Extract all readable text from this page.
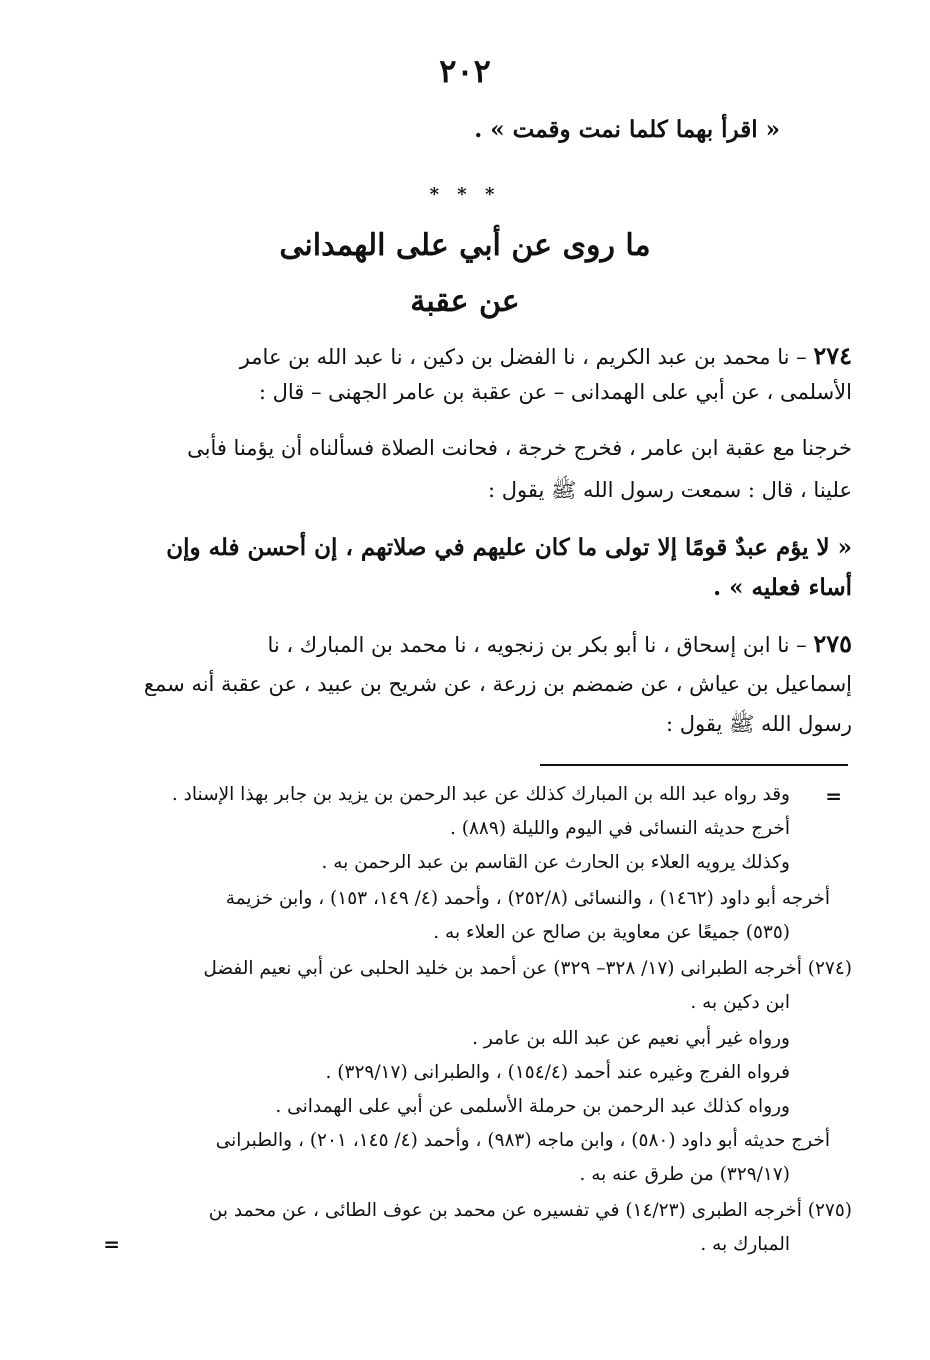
٢٠٢
« اقرأ بهما كلما نمت وقمت » .
* * *
ما روى عن أبي على الهمدانى
عن عقبة
٢٧٤ – نا محمد بن عبد الكريم ، نا الفضل بن دكين ، نا عبد الله بن عامر
الأسلمى ، عن أبي على الهمدانى – عن عقبة بن عامر الجهنى – قال :
خرجنا مع عقبة ابن عامر ، فخرج خرجة ، فحانت الصلاة فسألناه أن يؤمنا فأبى
علينا ، قال : سمعت رسول الله ﷺ يقول :
« لا يؤم عبدٌ قومًا إلا تولى ما كان عليهم في صلاتهم ، إن أحسن فله وإن
أساء فعليه » .
٢٧٥ – نا ابن إسحاق ، نا أبو بكر بن زنجويه ، نا محمد بن المبارك ، نا
إسماعيل بن عياش ، عن ضمضم بن زرعة ، عن شريح بن عبيد ، عن عقبة أنه سمع
رسول الله ﷺ يقول :
=
وقد رواه عبد الله بن المبارك كذلك عن عبد الرحمن بن يزيد بن جابر بهذا الإسناد .
أخرج حديثه النسائى في اليوم والليلة (٨٨٩) .
وكذلك يرويه العلاء بن الحارث عن القاسم بن عبد الرحمن به .
أخرجه أبو داود (١٤٦٢) ، والنسائى (٢٥٢/٨) ، وأحمد (٤/ ١٤٩، ١٥٣) ، وابن خزيمة
(٥٣٥) جميعًا عن معاوية بن صالح عن العلاء به .
(٢٧٤) أخرجه الطبرانى (١٧/ ٣٢٨– ٣٢٩) عن أحمد بن خليد الحلبى عن أبي نعيم الفضل
ابن دكين به .
ورواه غير أبي نعيم عن عبد الله بن عامر .
فرواه الفرج وغيره عند أحمد (١٥٤/٤) ، والطبرانى (٣٢٩/١٧) .
ورواه كذلك عبد الرحمن بن حرملة الأسلمى عن أبي على الهمدانى .
أخرج حديثه أبو داود (٥٨٠) ، وابن ماجه (٩٨٣) ، وأحمد (٤/ ١٤٥، ٢٠١) ، والطبرانى
(٣٢٩/١٧) من طرق عنه به .
(٢٧٥) أخرجه الطبرى (١٤/٢٣) في تفسيره عن محمد بن عوف الطائى ، عن محمد بن
المبارك به .
=
